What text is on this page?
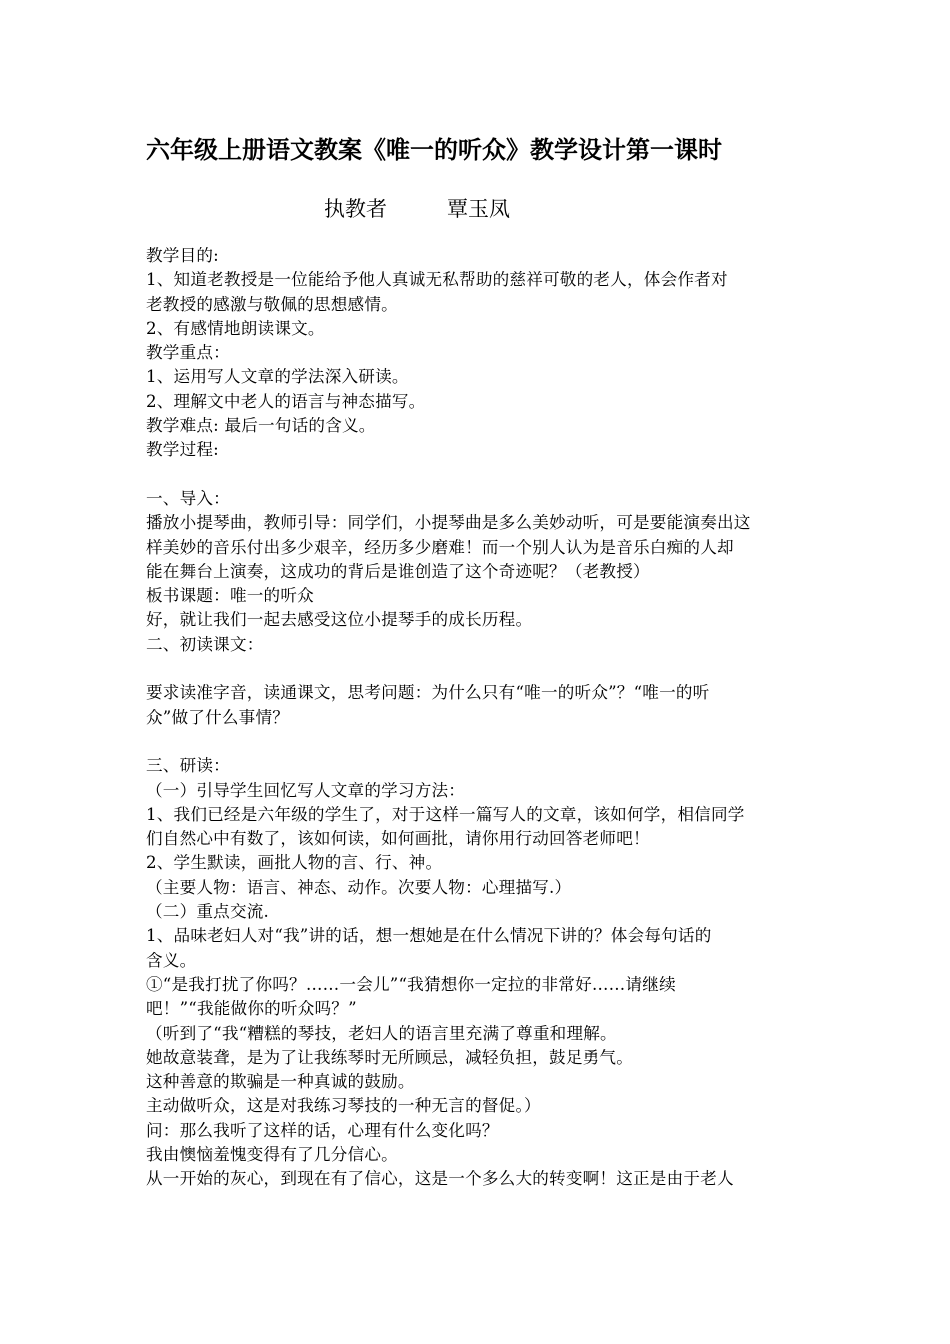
六年级上册语文教案《唯一的听众》教学设计第一课时
执教者	覃玉凤
教学目的:
1、知道老教授是一位能给予他人真诚无私帮助的慈祥可敬的老人，体会作者对
老教授的感激与敬佩的思想感情。
2、有感情地朗读课文。
教学重点：
1、运用写人文章的学法深入研读。
2、理解文中老人的语言与神态描写。
教学难点: 最后一句话的含义。
教学过程:
一、导入：
播放小提琴曲，教师引导：同学们，小提琴曲是多么美妙动听，可是要能演奏出这
样美妙的音乐付出多少艰辛，经历多少磨难！而一个别人认为是音乐白痴的人却
能在舞台上演奏，这成功的背后是谁创造了这个奇迹呢？（老教授）
板书课题：唯一的听众
好，就让我们一起去感受这位小提琴手的成长历程。
二、初读课文：
要求读准字音，读通课文，思考问题：为什么只有“唯一的听众”？“唯一的听
众”做了什么事情？
三、研读：
（一）引导学生回忆写人文章的学习方法：
1、我们已经是六年级的学生了，对于这样一篇写人的文章，该如何学，相信同学
们自然心中有数了，该如何读，如何画批，请你用行动回答老师吧！
2、学生默读，画批人物的言、行、神。
（主要人物：语言、神态、动作。次要人物：心理描写.）
（二）重点交流.
1、品味老妇人对“我”讲的话，想一想她是在什么情况下讲的？体会每句话的
含义。
①“是我打扰了你吗？……一会儿”“我猜想你一定拉的非常好……请继续
吧！”“我能做你的听众吗？”
（听到了“我“糟糕的琴技，老妇人的语言里充满了尊重和理解。
她故意装聋，是为了让我练琴时无所顾忌，减轻负担，鼓足勇气。
这种善意的欺骗是一种真诚的鼓励。
主动做听众，这是对我练习琴技的一种无言的督促。）
问：那么我听了这样的话，心理有什么变化吗？
我由懊恼羞愧变得有了几分信心。
从一开始的灰心，到现在有了信心，这是一个多么大的转变啊！这正是由于老人
